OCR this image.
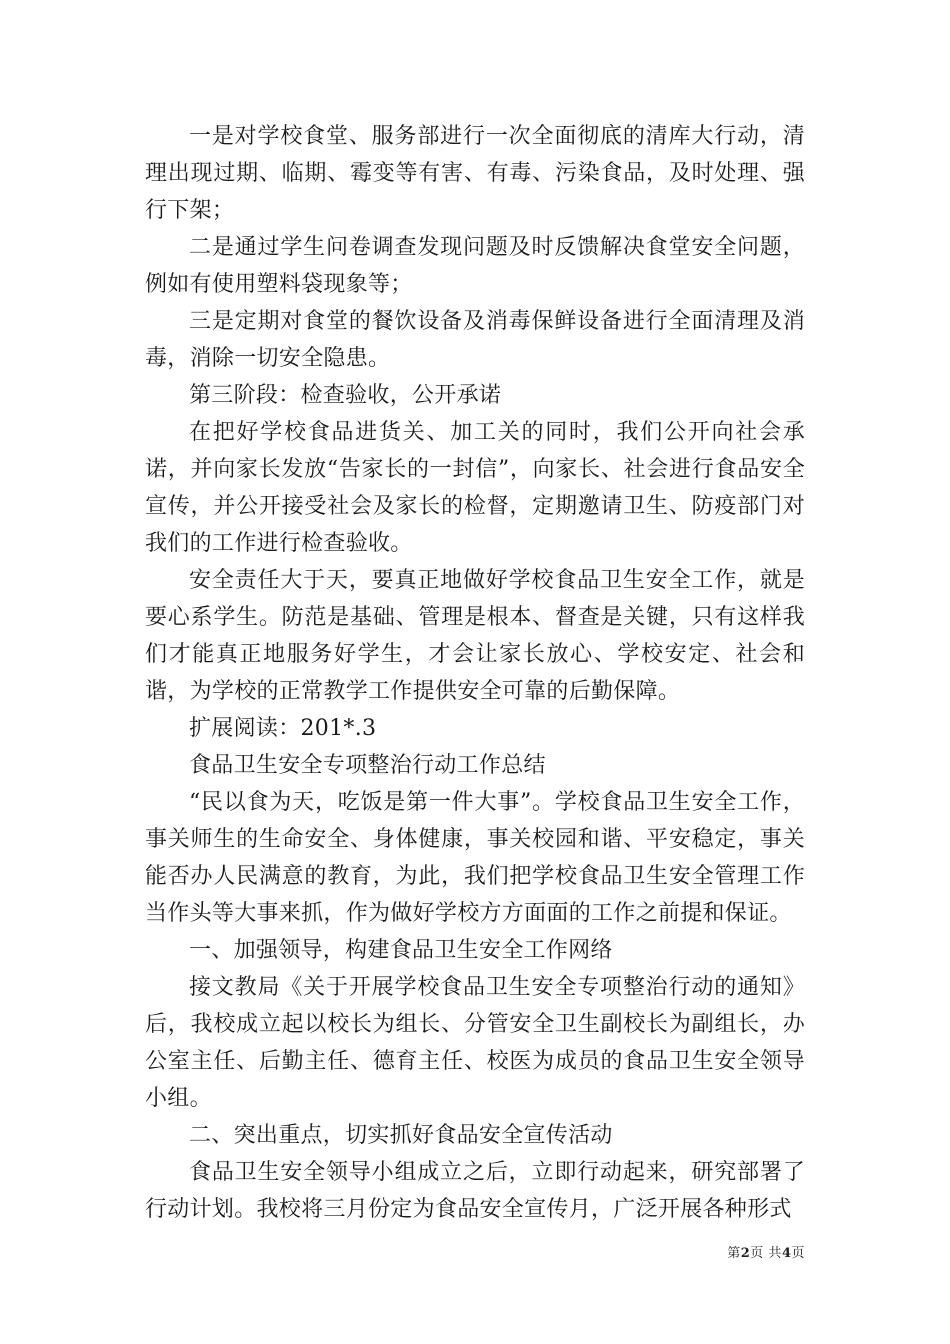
一是对学校食堂、服务部进行一次全面彻底的清库大行动，清理出现过期、临期、霉变等有害、有毒、污染食品，及时处理、强行下架；

二是通过学生问卷调查发现问题及时反馈解决食堂安全问题，例如有使用塑料袋现象等；

三是定期对食堂的餐饮设备及消毒保鲜设备进行全面清理及消毒，消除一切安全隐患。

第三阶段：检查验收，公开承诺

在把好学校食品进货关、加工关的同时，我们公开向社会承诺，并向家长发放“告家长的一封信”，向家长、社会进行食品安全宣传，并公开接受社会及家长的检督，定期邀请卫生、防疫部门对我们的工作进行检查验收。

安全责任大于天，要真正地做好学校食品卫生安全工作，就是要心系学生。防范是基础、管理是根本、督查是关键，只有这样我们才能真正地服务好学生，才会让家长放心、学校安定、社会和谐，为学校的正常教学工作提供安全可靠的后勤保障。

扩展阅读：201*.3

食品卫生安全专项整治行动工作总结

“民以食为天，吃饭是第一件大事”。学校食品卫生安全工作，事关师生的生命安全、身体健康，事关校园和谐、平安稳定，事关能否办人民满意的教育，为此，我们把学校食品卫生安全管理工作当作头等大事来抓，作为做好学校方方面面的工作之前提和保证。

一、加强领导，构建食品卫生安全工作网络

接文教局《关于开展学校食品卫生安全专项整治行动的通知》后，我校成立起以校长为组长、分管安全卫生副校长为副组长，办公室主任、后勤主任、德育主任、校医为成员的食品卫生安全领导小组。

二、突出重点，切实抓好食品安全宣传活动

食品卫生安全领导小组成立之后，立即行动起来，研究部署了行动计划。我校将三月份定为食品安全宣传月，广泛开展各种形式

第2页 共4页
